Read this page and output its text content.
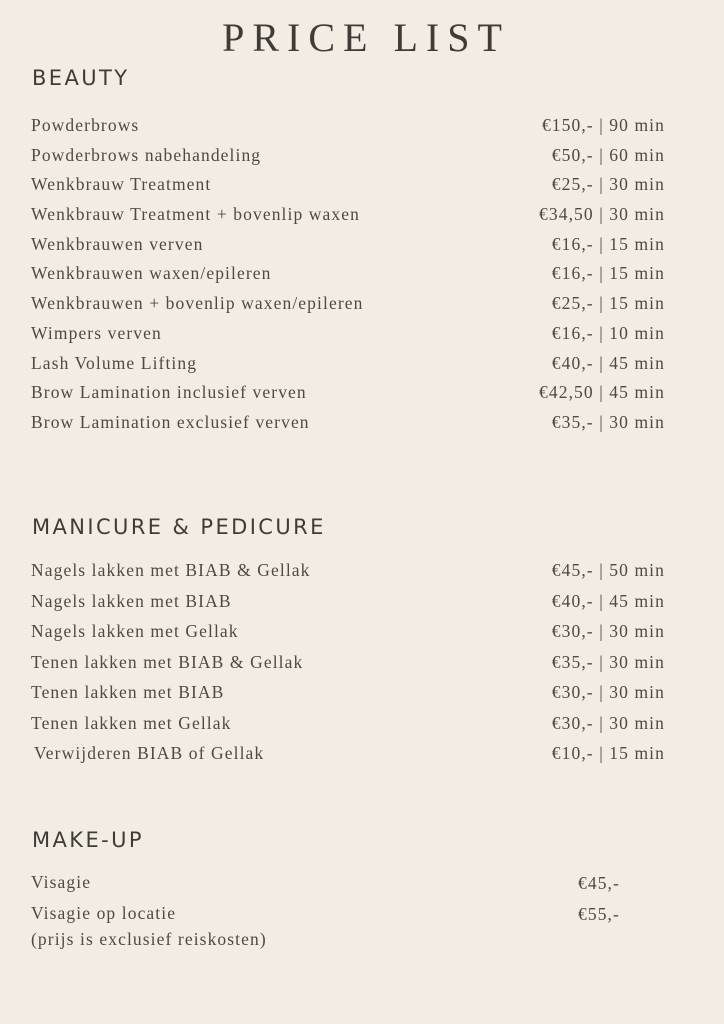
PRICE LIST
BEAUTY
Powderbrows	€150,- | 90 min
Powderbrows nabehandeling	€50,- | 60 min
Wenkbrauw Treatment	€25,- | 30 min
Wenkbrauw Treatment + bovenlip waxen	€34,50 | 30 min
Wenkbrauwen verven	€16,- | 15 min
Wenkbrauwen waxen/epileren	€16,- | 15 min
Wenkbrauwen + bovenlip waxen/epileren	€25,- | 15 min
Wimpers verven	€16,- | 10 min
Lash Volume Lifting	€40,- | 45 min
Brow Lamination inclusief verven	€42,50 | 45 min
Brow Lamination exclusief verven	€35,- | 30 min
MANICURE & PEDICURE
Nagels lakken met BIAB & Gellak	€45,- | 50 min
Nagels lakken met BIAB	€40,- | 45 min
Nagels lakken met Gellak	€30,- | 30 min
Tenen lakken met BIAB & Gellak	€35,- | 30 min
Tenen lakken met BIAB	€30,- | 30 min
Tenen lakken met Gellak	€30,- | 30 min
Verwijderen BIAB of Gellak	€10,- | 15 min
MAKE-UP
Visagie	€45,-
Visagie op locatie	€55,-
(prijs is exclusief reiskosten)
